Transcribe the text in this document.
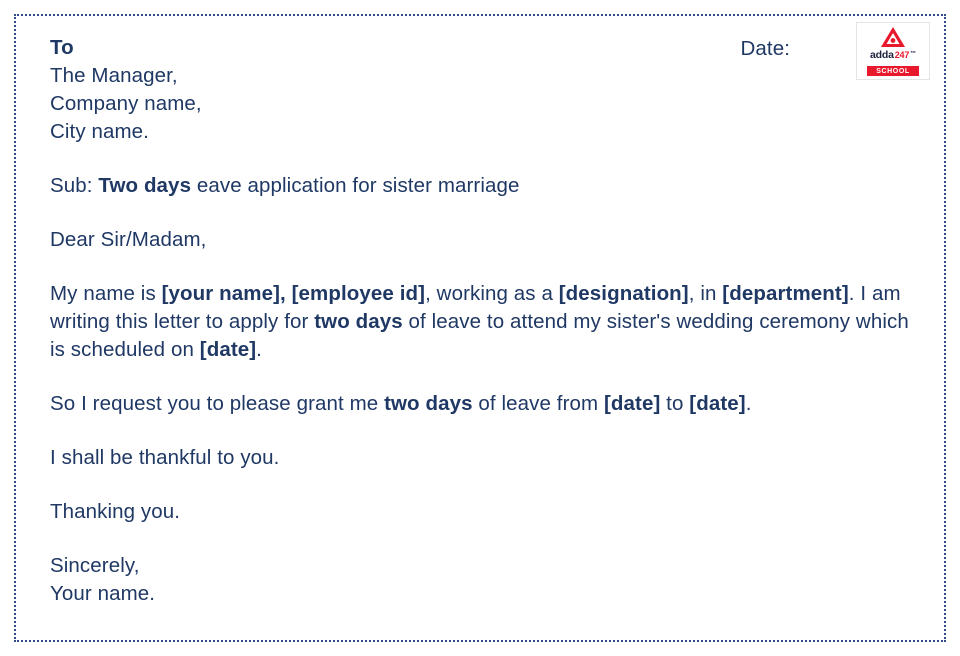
adda 247 ™
SCHOOL
To
The Manager,
Company name,
City name.
Date:
Sub: Two days eave application for sister marriage
Dear Sir/Madam,
My name is [your name], [employee id], working as a [designation], in [department]. I am writing this letter to apply for two days of leave to attend my sister's wedding ceremony which is scheduled on [date].
So I request you to please grant me two days of leave from [date] to [date].
I shall be thankful to you.
Thanking you.
Sincerely,
Your name.
